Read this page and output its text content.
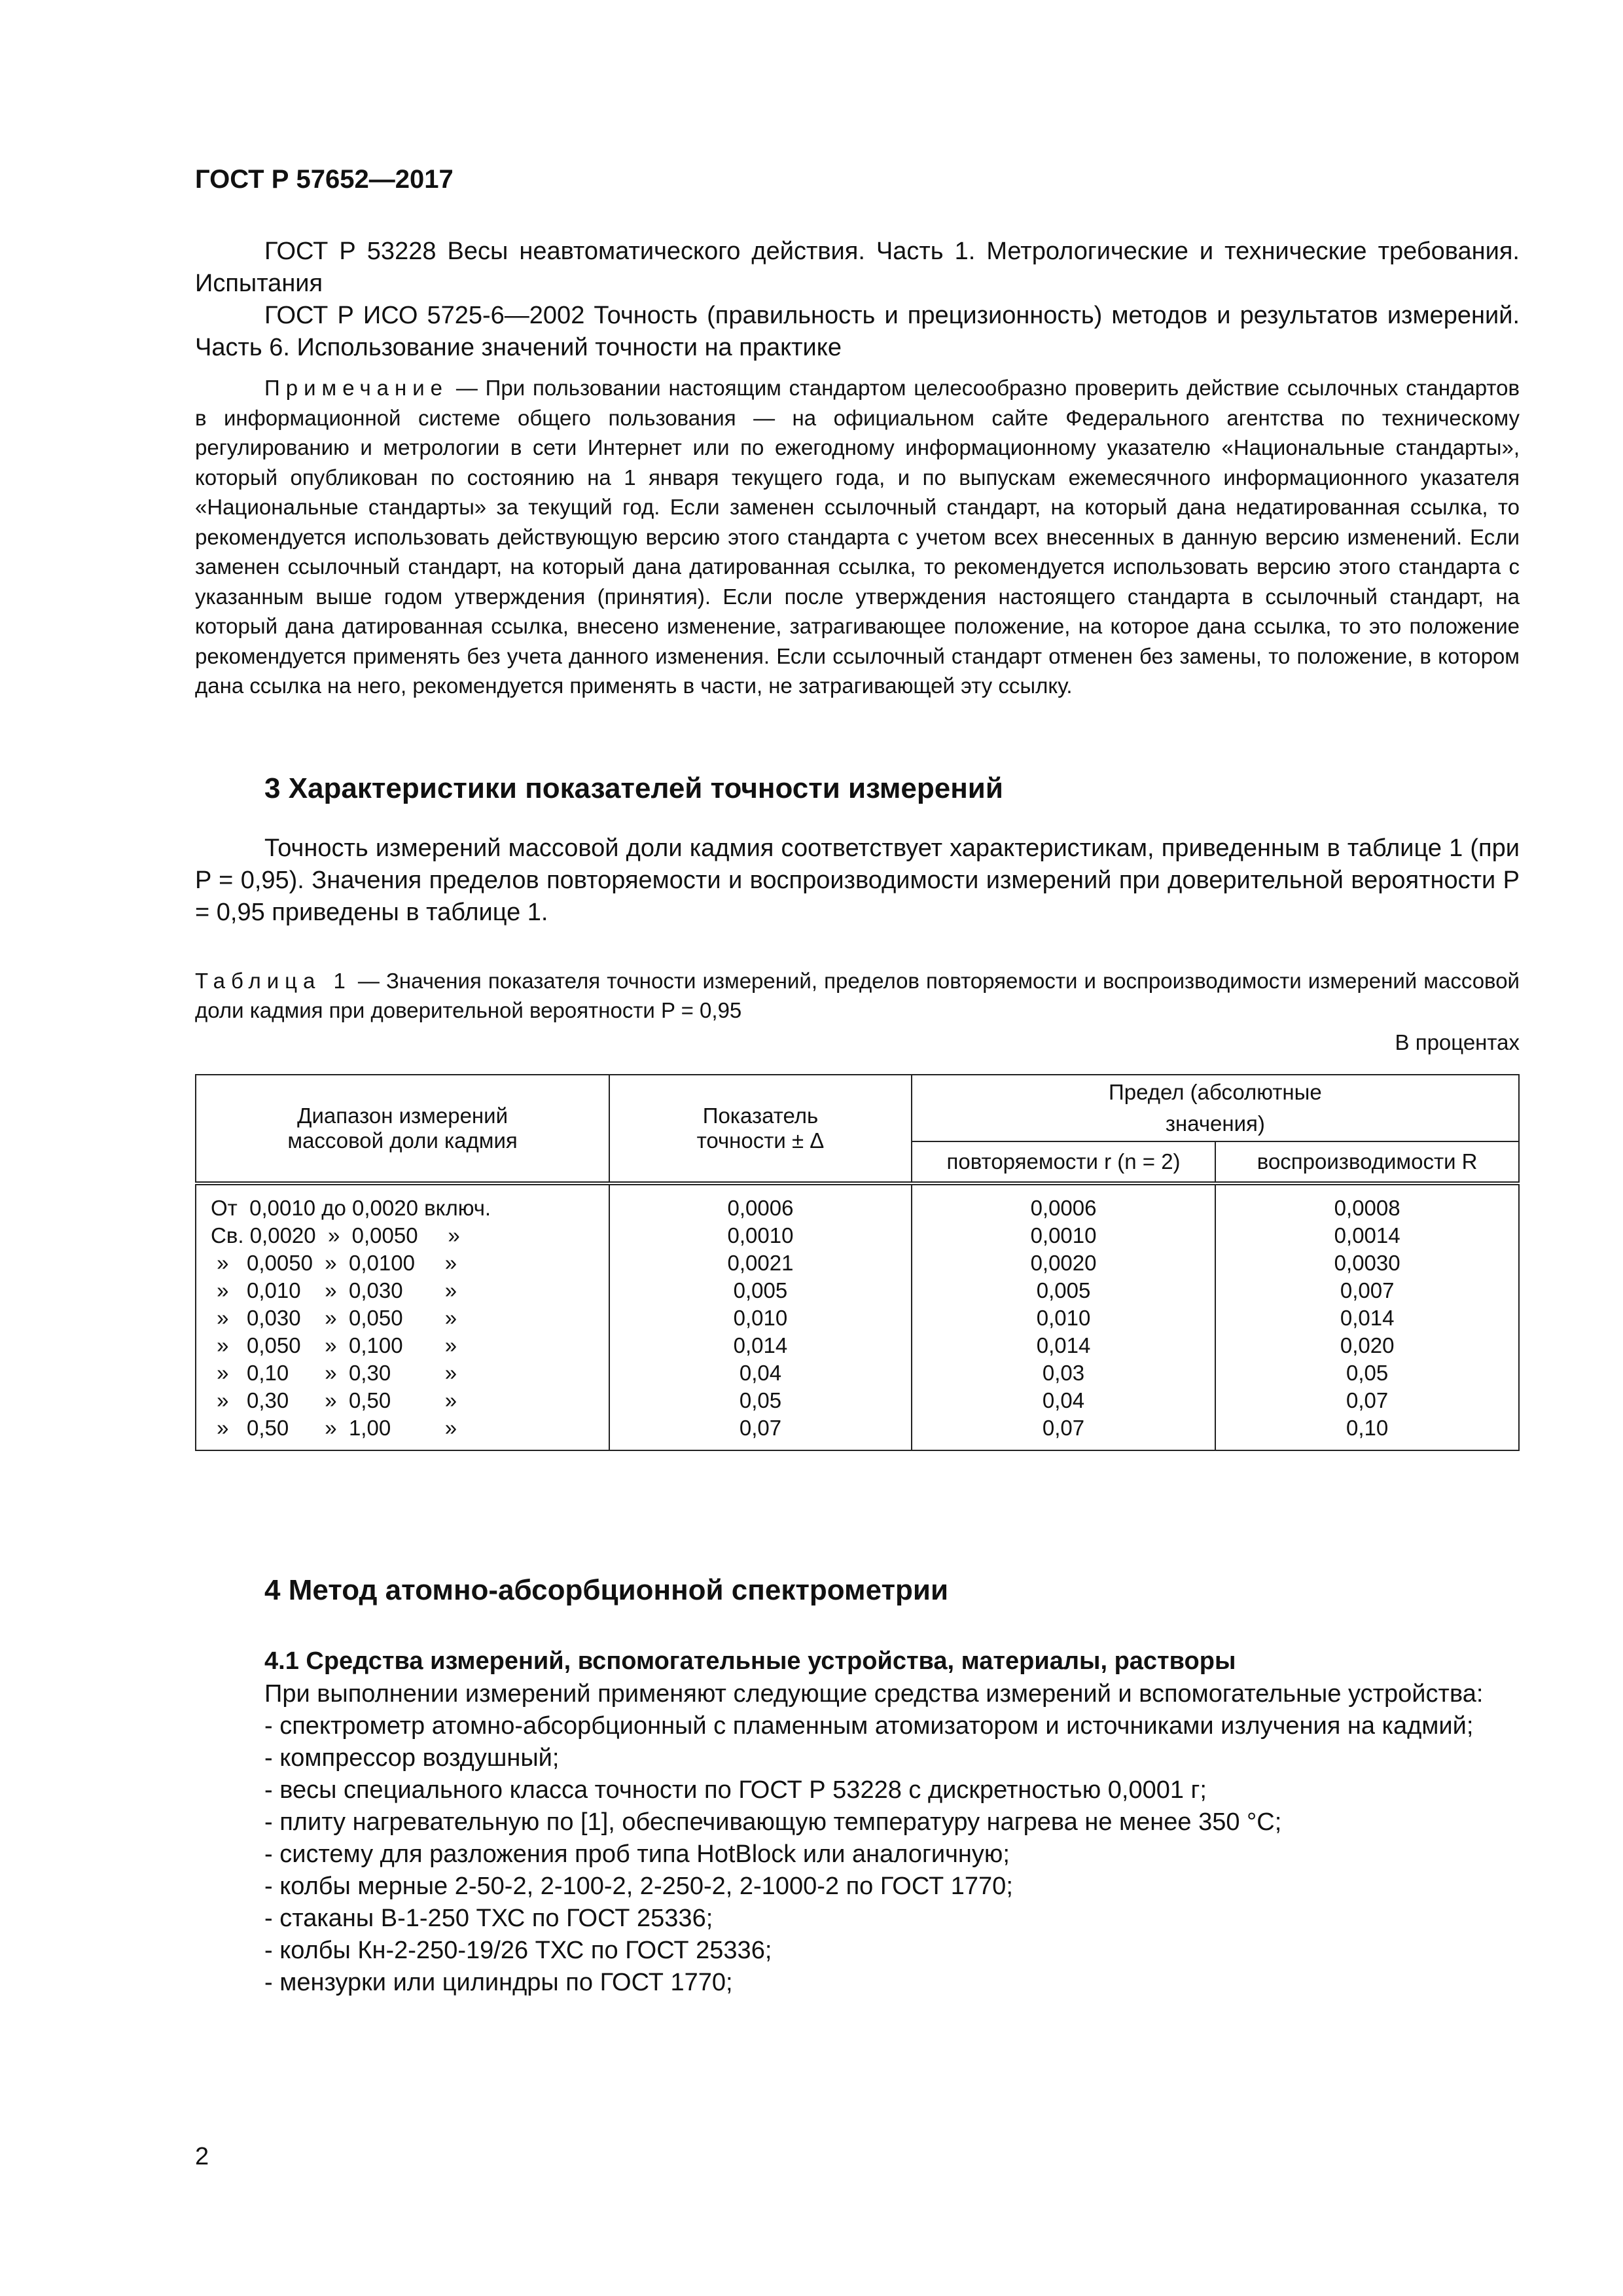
ГОСТ Р 57652—2017

ГОСТ Р 53228 Весы неавтоматического действия. Часть 1. Метрологические и технические требования. Испытания

ГОСТ Р ИСО 5725-6—2002 Точность (правильность и прецизионность) методов и результатов измерений. Часть 6. Использование значений точности на практике

Примечание — При пользовании настоящим стандартом целесообразно проверить действие ссылочных стандартов в информационной системе общего пользования — на официальном сайте Федерального агентства по техническому регулированию и метрологии в сети Интернет или по ежегодному информационному указателю «Национальные стандарты», который опубликован по состоянию на 1 января текущего года, и по выпускам ежемесячного информационного указателя «Национальные стандарты» за текущий год. Если заменен ссылочный стандарт, на который дана недатированная ссылка, то рекомендуется использовать действующую версию этого стандарта с учетом всех внесенных в данную версию изменений. Если заменен ссылочный стандарт, на который дана датированная ссылка, то рекомендуется использовать версию этого стандарта с указанным выше годом утверждения (принятия). Если после утверждения настоящего стандарта в ссылочный стандарт, на который дана датированная ссылка, внесено изменение, затрагивающее положение, на которое дана ссылка, то это положение рекомендуется применять без учета данного изменения. Если ссылочный стандарт отменен без замены, то положение, в котором дана ссылка на него, рекомендуется применять в части, не затрагивающей эту ссылку.

3 Характеристики показателей точности измерений

Точность измерений массовой доли кадмия соответствует характеристикам, приведенным в таблице 1 (при P = 0,95). Значения пределов повторяемости и воспроизводимости измерений при доверительной вероятности P = 0,95 приведены в таблице 1.

Таблица 1 — Значения показателя точности измерений, пределов повторяемости и воспроизводимости измерений массовой доли кадмия при доверительной вероятности P = 0,95

В процентах
Диапазон измерений массовой доли кадмия	Показатель точности ± Δ	Предел (абсолютные значения)	
		повторяемости r (n = 2)	воспроизводимости R
От  0,0010 до 0,0020 включ.	0,0006	0,0006	0,0008
Св. 0,0020  »  0,0050     »	0,0010	0,0010	0,0014
»   0,0050  »  0,0100     »	0,0021	0,0020	0,0030
»   0,010    »  0,030       »	0,005	0,005	0,007
»   0,030    »  0,050       »	0,010	0,010	0,014
»   0,050    »  0,100       »	0,014	0,014	0,020
»   0,10      »  0,30         »	0,04	0,03	0,05
»   0,30      »  0,50         »	0,05	0,04	0,07
»   0,50      »  1,00         »	0,07	0,07	0,10
4 Метод атомно-абсорбционной спектрометрии
4.1 Средства измерений, вспомогательные устройства, материалы, растворы

При выполнении измерений применяют следующие средства измерений и вспомогательные устройства:

- спектрометр атомно-абсорбционный с пламенным атомизатором и источниками излучения на кадмий;

- компрессор воздушный;

- весы специального класса точности по ГОСТ Р 53228 с дискретностью 0,0001 г;

- плиту нагревательную по [1], обеспечивающую температуру нагрева не менее 350 °С;

- систему для разложения проб типа HotBlock или аналогичную;

- колбы мерные 2-50-2, 2-100-2, 2-250-2, 2-1000-2 по ГОСТ 1770;

- стаканы В-1-250 ТХС по ГОСТ 25336;

- колбы Кн-2-250-19/26 ТХС по ГОСТ 25336;

- мензурки или цилиндры по ГОСТ 1770;

2
